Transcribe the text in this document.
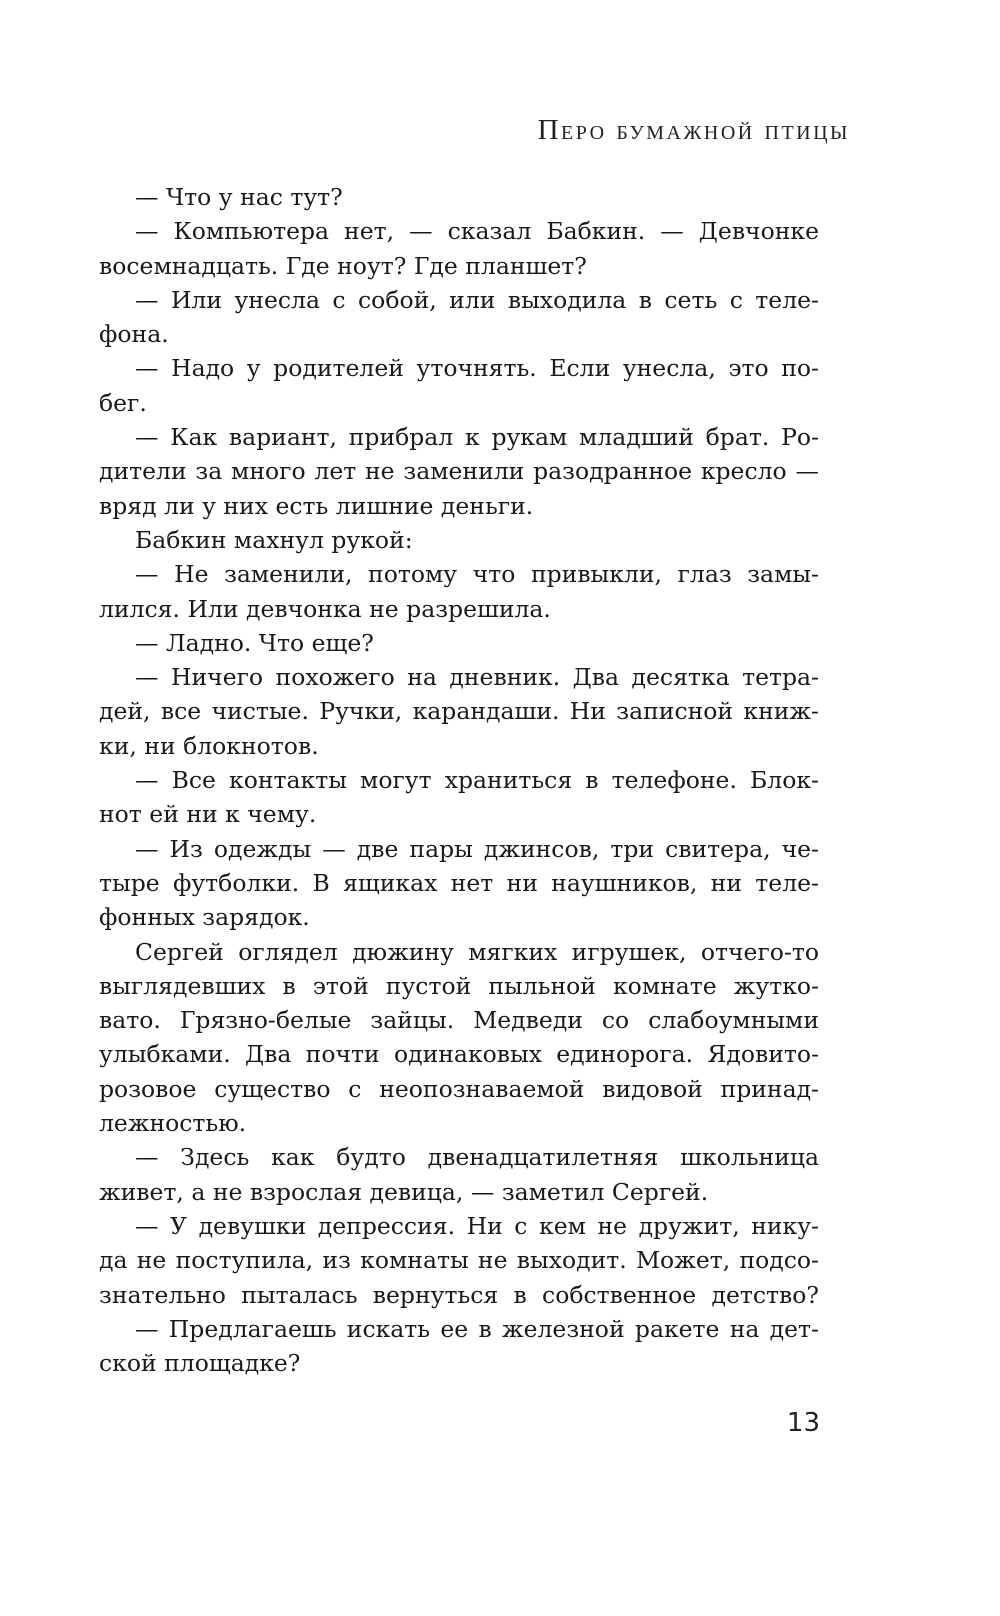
Перо бумажной птицы
— Что у нас тут?
— Компьютера нет, — сказал Бабкин. — Девчонке
восемнадцать. Где ноут? Где планшет?
— Или унесла с собой, или выходила в сеть с теле-
фона.
— Надо у родителей уточнять. Если унесла, это по-
бег.
— Как вариант, прибрал к рукам младший брат. Ро-
дители за много лет не заменили разодранное кресло —
вряд ли у них есть лишние деньги.
Бабкин махнул рукой:
— Не заменили, потому что привыкли, глаз замы-
лился. Или девчонка не разрешила.
— Ладно. Что еще?
— Ничего похожего на дневник. Два десятка тетра-
дей, все чистые. Ручки, карандаши. Ни записной книж-
ки, ни блокнотов.
— Все контакты могут храниться в телефоне. Блок-
нот ей ни к чему.
— Из одежды — две пары джинсов, три свитера, че-
тыре футболки. В ящиках нет ни наушников, ни теле-
фонных зарядок.
Сергей оглядел дюжину мягких игрушек, отчего-то
выглядевших в этой пустой пыльной комнате жутко-
вато. Грязно-белые зайцы. Медведи со слабоумными
улыбками. Два почти одинаковых единорога. Ядовито-
розовое существо с неопознаваемой видовой принад-
лежностью.
— Здесь как будто двенадцатилетняя школьница
живет, а не взрослая девица, — заметил Сергей.
— У девушки депрессия. Ни с кем не дружит, нику-
да не поступила, из комнаты не выходит. Может, подсо-
знательно пыталась вернуться в собственное детство?
— Предлагаешь искать ее в железной ракете на дет-
ской площадке?
13
